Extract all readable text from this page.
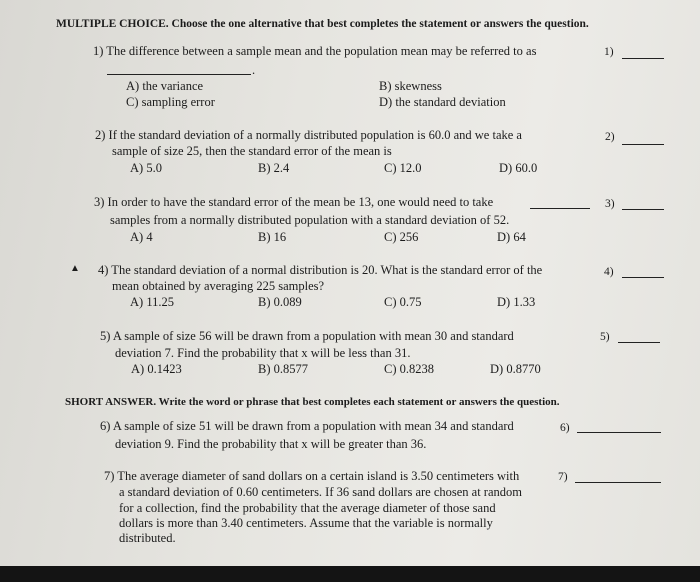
MULTIPLE CHOICE. Choose the one alternative that best completes the statement or answers the question.
1) The difference between a sample mean and the population mean may be referred to as	1)
.
A) the variance	B) skewness
C) sampling error	D) the standard deviation
2) If the standard deviation of a normally distributed population is 60.0 and we take a
sample of size 25, then the standard error of the mean is
2)
A) 5.0	B) 2.4	C) 12.0	D) 60.0
3) In order to have the standard error of the mean be 13, one would need to take
samples from a normally distributed population with a standard deviation of 52.
3)
A) 4	B) 16	C) 256	D) 64
▲ 4) The standard deviation of a normal distribution is 20. What is the standard error of the
mean obtained by averaging 225 samples?
4)
A) 11.25	B) 0.089	C) 0.75	D) 1.33
5) A sample of size 56 will be drawn from a population with mean 30 and standard
deviation 7. Find the probability that x will be less than 31.
5)
A) 0.1423	B) 0.8577	C) 0.8238	D) 0.8770
SHORT ANSWER. Write the word or phrase that best completes each statement or answers the question.
6) A sample of size 51 will be drawn from a population with mean 34 and standard
deviation 9. Find the probability that x will be greater than 36.
6)
7) The average diameter of sand dollars on a certain island is 3.50 centimeters with
a standard deviation of 0.60 centimeters. If 36 sand dollars are chosen at random
for a collection, find the probability that the average diameter of those sand
dollars is more than 3.40 centimeters. Assume that the variable is normally
distributed.
7)
